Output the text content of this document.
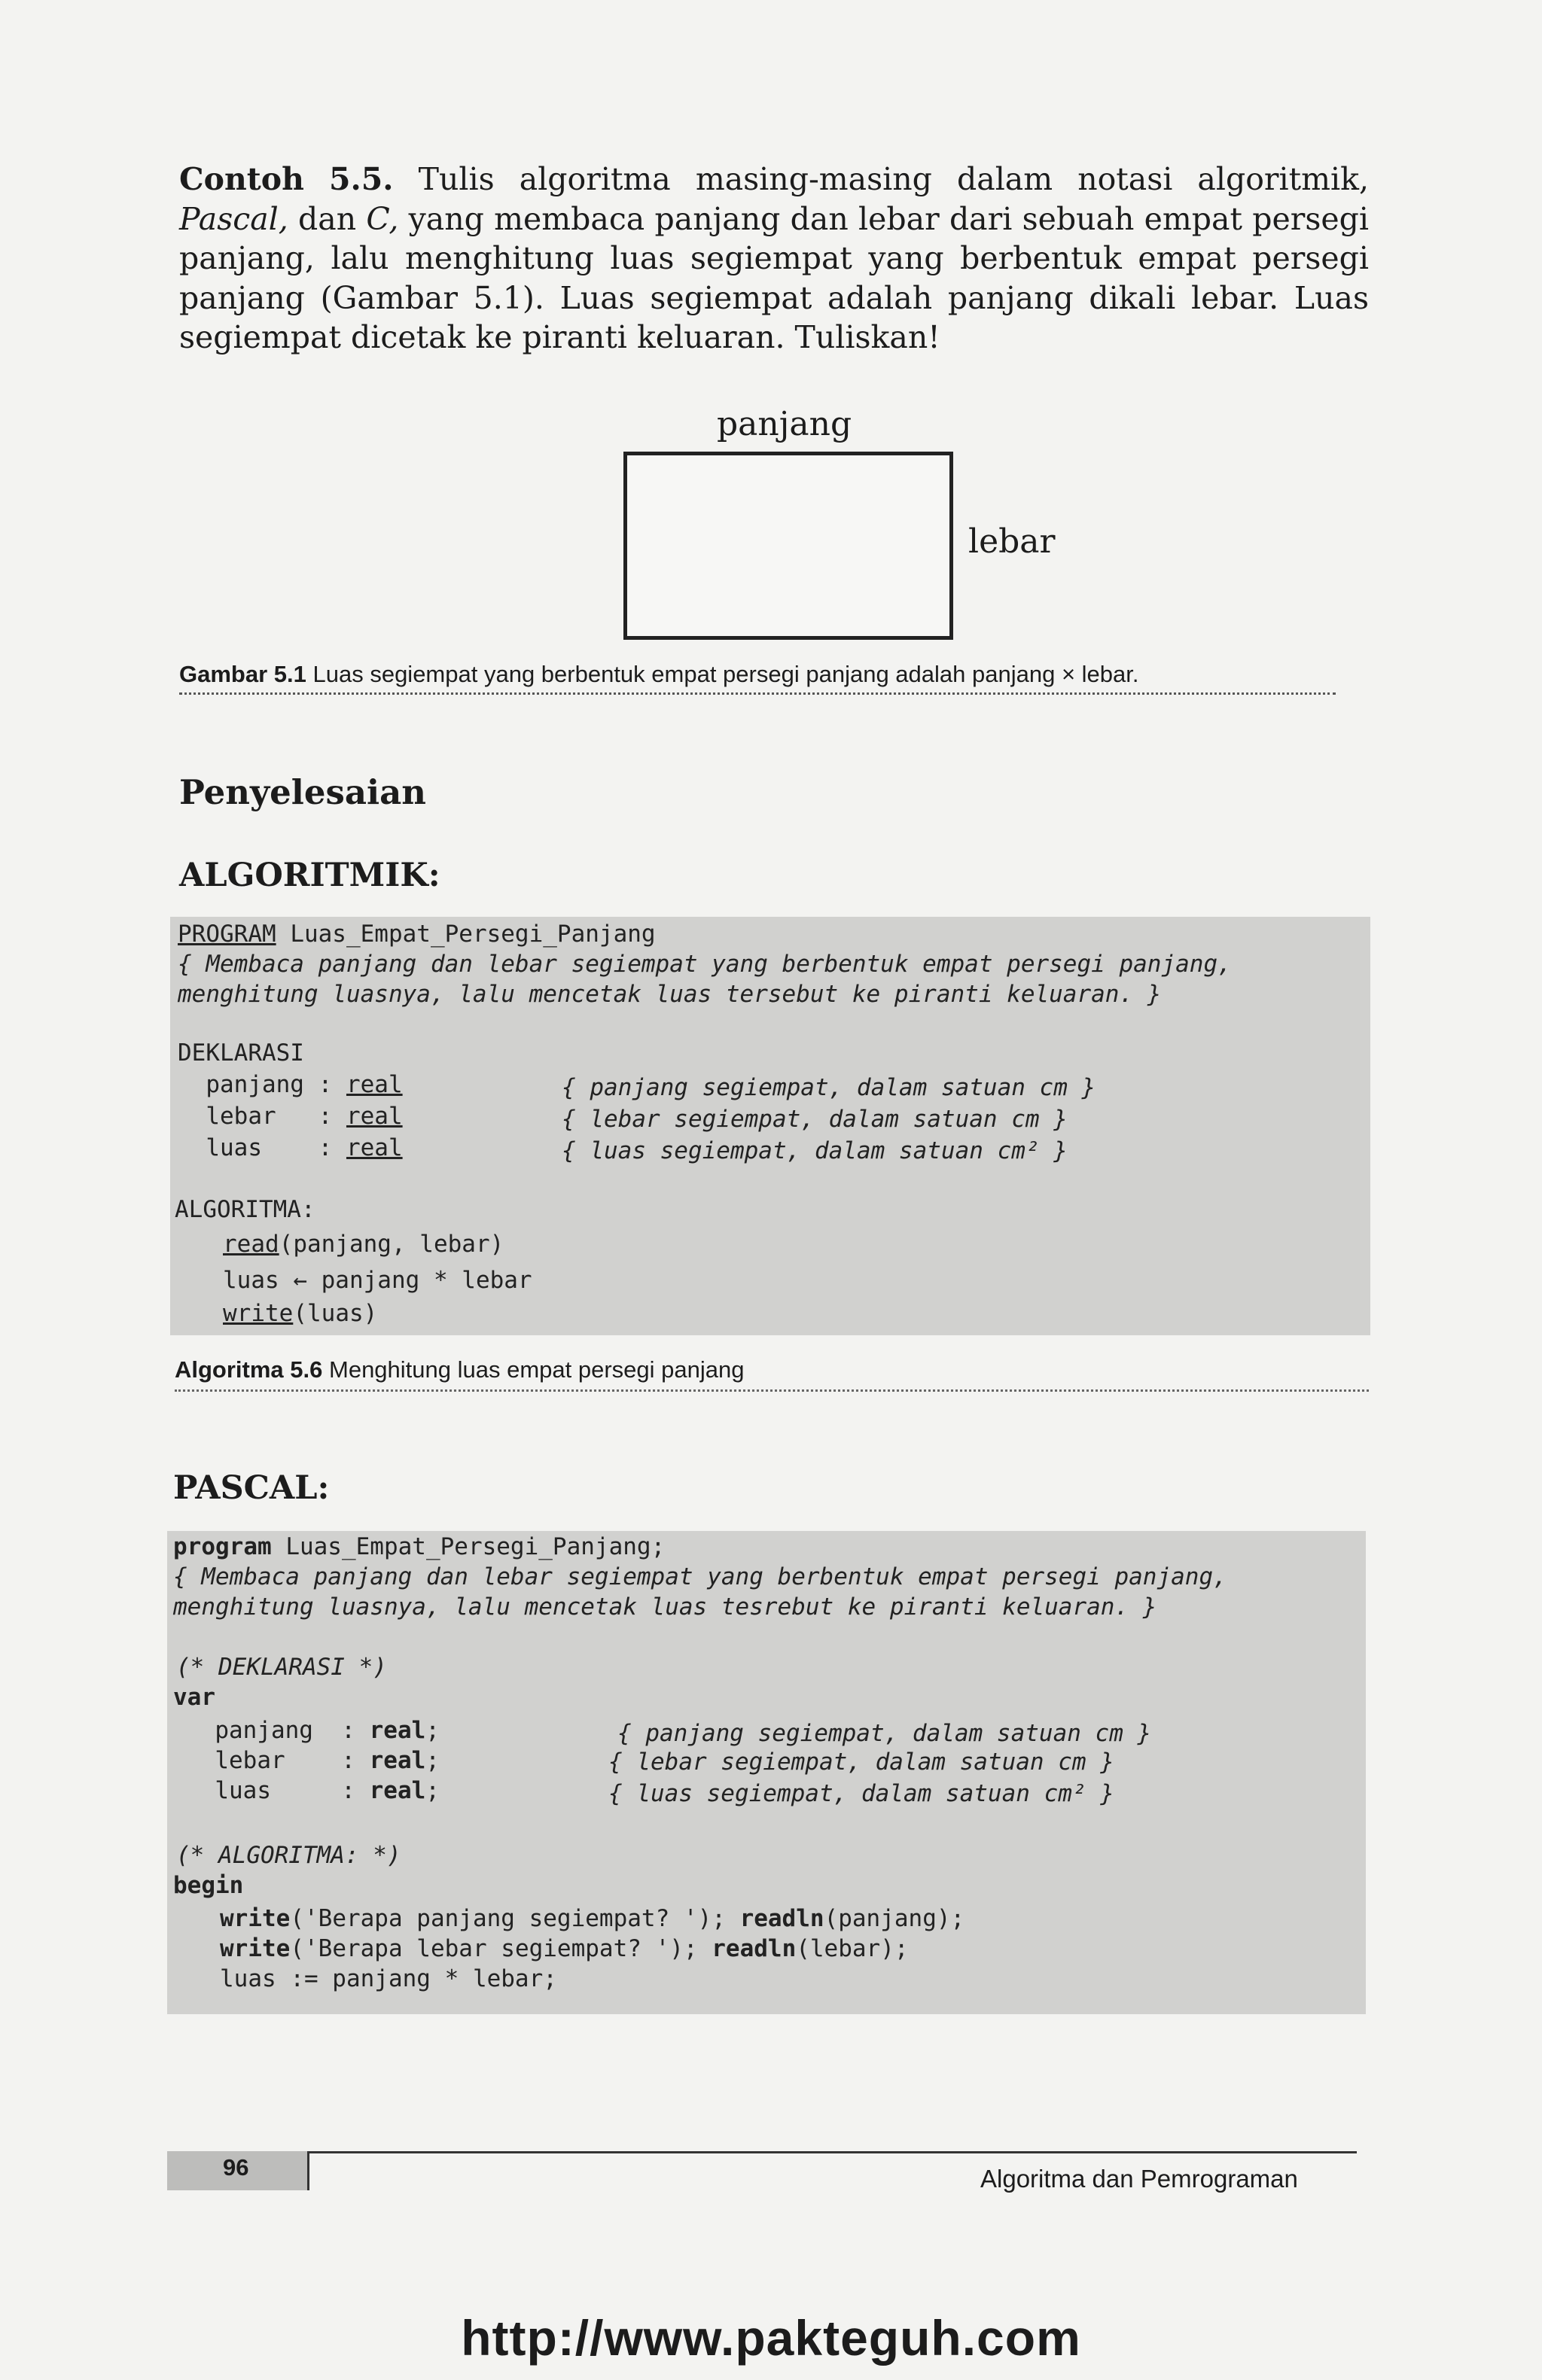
Contoh 5.5. Tulis algoritma masing-masing dalam notasi algoritmik, Pascal, dan C, yang membaca panjang dan lebar dari sebuah empat persegi panjang, lalu menghitung luas segiempat yang berbentuk empat persegi panjang (Gambar 5.1). Luas segiempat adalah panjang dikali lebar. Luas segiempat dicetak ke piranti keluaran. Tuliskan!
panjang
lebar
Gambar 5.1 Luas segiempat yang berbentuk empat persegi panjang adalah panjang × lebar.
Penyelesaian
ALGORITMIK:

PROGRAM Luas_Empat_Persegi_Panjang

{ Membaca panjang dan lebar segiempat yang berbentuk empat persegi panjang,

menghitung luasnya, lalu mencetak luas tersebut ke piranti keluaran. }

DEKLARASI

panjang : real

	{ panjang segiempat, dalam satuan cm }

lebar   : real

	{ lebar segiempat, dalam satuan cm }

luas    : real

	{ luas segiempat, dalam satuan cm² }

ALGORITMA:

read(panjang, lebar)

luas ← panjang * lebar

write(luas)

Algoritma 5.6 Menghitung luas empat persegi panjang
PASCAL:

program Luas_Empat_Persegi_Panjang;

{ Membaca panjang dan lebar segiempat yang berbentuk empat persegi panjang,

menghitung luasnya, lalu mencetak luas tesrebut ke piranti keluaran. }

(* DEKLARASI *)

var

panjang  : real;

	{ panjang segiempat, dalam satuan cm }

lebar    : real;

	{ lebar segiempat, dalam satuan cm }

luas     : real;

	{ luas segiempat, dalam satuan cm² }

(* ALGORITMA: *)

begin

write('Berapa panjang segiempat? '); readln(panjang);

write('Berapa lebar segiempat? '); readln(lebar);

luas := panjang * lebar;

96	Algoritma dan Pemrograman
http://www.pakteguh.com
